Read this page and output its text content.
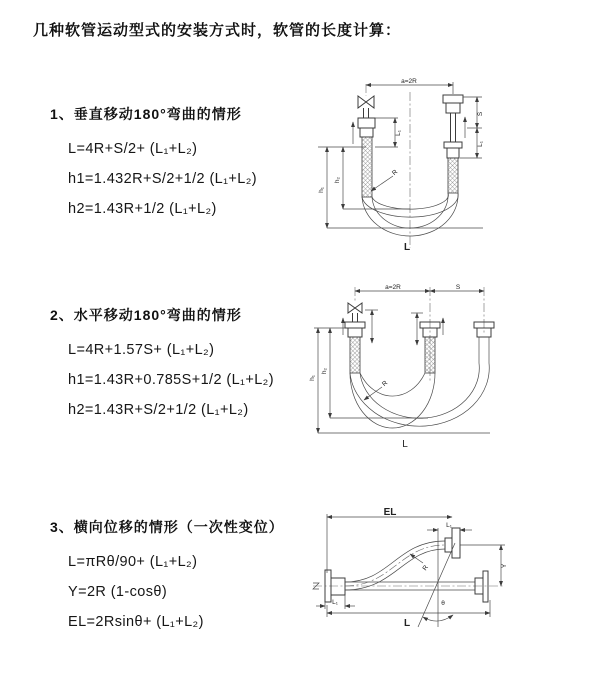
几种软管运动型式的安装方式时，软管的长度计算：
1、垂直移动180°弯曲的情形
L=4R+S/2+ (L₁+L₂)
h1=1.432R+S/2+1/2 (L₁+L₂)
h2=1.43R+1/2 (L₁+L₂)
2、水平移动180°弯曲的情形
L=4R+1.57S+ (L₁+L₂)
h1=1.43R+0.785S+1/2 (L₁+L₂)
h2=1.43R+S/2+1/2 (L₁+L₂)
3、横向位移的情形（一次性变位）
L=πRθ/90+ (L₁+L₂)
Y=2R (1-cosθ)
EL=2Rsinθ+ (L₁+L₂)
a=2R
h₁
h₂
L₁
S
L₁
R
L
a=2R	S
h₁
h₂
R
L
θ
R
EL
L₁
Y
L
L₁
